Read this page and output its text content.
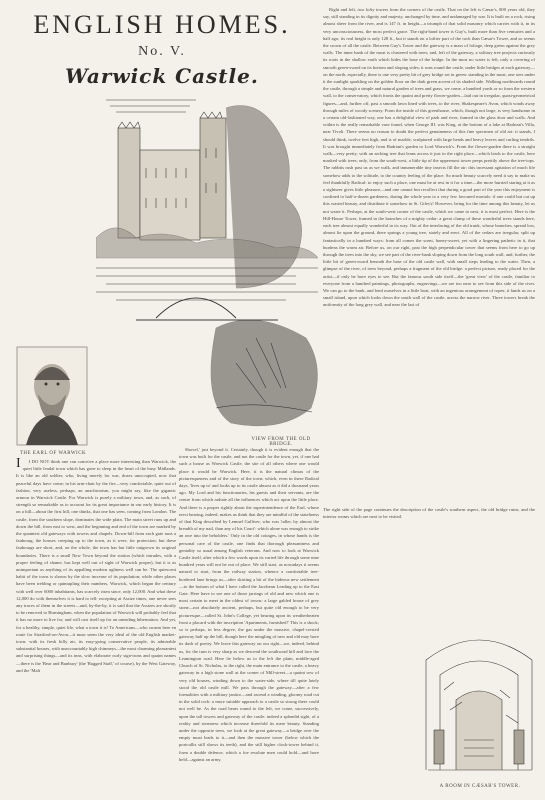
ENGLISH HOMES.
No. V.
Warwick Castle.

Right and left, two lofty towers form the corners of the castle. That on the left is Cæsar's, 800 years old, they say, still standing in its dignity and majesty, unchanged by time, and undamaged by war. It is built on a rock, rising almost sheer from the river, and is 147 ft. in height—a triumph of that solid masonry which carries with it, in its very unconsciousness, the most perfect grace. The right-hand tower is Guy's, built more than five centuries and a half ago; its real height is only 128 ft., but it stands on a loftier part of the rock than Cæsar's Tower, and so seems the crown of all the castle. Between Guy's Tower and the gateway is a mass of foliage, deep green against the grey walls. The inner bank of the moat is clustered with trees; and, left of the gateway, a solitary tree projects curiously its roots in the shallow earth which hides the base of the bridge. In the most no water is left, only a covering of smooth green-sward on its bottom and sloping sides; it runs round the castle, under little bridges at each gateway—on the north, especially, there is one very pretty bit of grey bridge set in green: standing in the moat, one sees under it the sunlight sparkling on the golden floor on the dark green accent of its shaded side. Walking northwards round the castle, through a simple and natural garden of trees and grass, we come, a hundred yards or so from the western wall, to the conservatory, which fronts the quaint and pretty flower-garden—laid out in irregular, quasi-geometrical figures—and, further off, past a smooth lawn lined with trees, to the river, Shakespeare's Avon, which winds away through miles of woody scenery. From the inside of this greenhouse, which, though not large, is very handsome in a certain old-fashioned way, one has a delightful view of park and river, framed in the glass door and walls. And within is the really remarkable vase found, when George III. was King, at the bottom of a lake at Hadrian's Villa, near Tivoli. There seems no reason to doubt the perfect genuineness of this fine specimen of old art: it stands, I should think, twelve feet high, and is of marble, sculptured with large heads and heavy leaves and curling tendrils. It was brought immediately from Hadrian's garden to Lord Warwick's. From the flower-garden there is a straight walk—very pretty, with an arching tree that leans across it just in the right place—which leads to the castle, here masked with trees; only, from the south-west, a little tip of the uppermost tower peeps prettily above the tree-tops. The rabbits rush past us as we walk, and innumerable tiny insects fill the air: this incessant agitation of much life somehow adds to the solitude, to the country feeling of the place. So much beauty scarcely need it say to make us feel thankfully Radical: to enjoy such a place, one must be at rest in it for a time—the more hurried staring at it as a sightseer gives little pleasure—and one cannot but recollect that during a good part of the year this enjoyment is confined to half-a-dozen gardeners, during the whole year to a very few favoured mortals: if one could but cut up this wasted beauty, and distribute it somehow in St. Giles's! However, being for the time among this beauty, let us not waste it. Perhaps, at the south-west corner of the castle, which we came to next, it is most perfect. Here is the Hill-House Tower, framed in the branches of a mighty cedar: a great clump of these wonderful trees stands here, each tree almost equally wonderful in its way. Out of the interlacing of the old trunk, whose branches, spread low, almost lie upon the ground, there springs a young tree, stately and erect. All of the cedars are irregular, split up fantastically in a hundred ways: from all comes the scent, honey-sweet, yet with a lingering pathetic in it, that burdens the warm air. Before us, on our right, past the high perpendicular tower that seems from here to go up through the trees into the sky, we see part of the river-bank sloping down from the long south wall, and, further, the little bit of green-sward beneath the base of the old castle wall, with small steps leading to the water. Then, a glimpse of the river, of trees beyond, perhaps a fragment of the old bridge: a perfect picture, ready placed for the artist—if only he have eyes to see. But the famous south side itself—the 'great view' of the castle, familiar to everyone from a hundred paintings, photographs, engravings—we are too near to see from this side of the river. We can go to the bank, and lend ourselves in a little boat, with an ingenious arrangement of ropes; it lands us on a small island, upon which looks down the south wall of the castle, across the narrow river. Three towers break the uniformity of the long grey wall, and near the last of

VIEW FROM THE OLD BRIDGE.
THE EARL OF WARWICK

Shovel,' just beyond it. Certainly, though it is evident enough that the town was built for the castle, and not the castle for the town, yet, if one had such a house as Warwick Castle, the site of all others where one would place it would be Warwick. Here, it is the natural climax of the picturesqueness and of the story of the town; which, even in these Radical days, 'lives up to' and looks up to its castle almost as it did a thousand years ago. My Lord and his functionaries, his guests and their servants, are the centre from which radiate all the influences which act upon the little place. And there is a proper rightly about the superintendence of the Earl, whose erect bearing, indeed, makes us think that they are mindful of the stateliness of that King described by Lemuel Gulliver, who was 'taller, by almost the breadth of my nail, than any of his Court': which alone was enough to strike an awe into the beholders.' Only in the old cottages, in whose hands is the personal care of the castle, one finds that thorough pleasantness and geniality so usual among English veterans. And now to look at Warwick Castle itself, after which a few words upon its varied life through some nine hundred years will not be out of place. We still start, as nowadays it seems natural to start, from the railway station, whence a comfortable tree-bordered lane brings us—after skirting a bit of the hideous new settlement—to the bottom of what I have called the Jacobean Leading up to the East Gate. Here have to see one of those jarrings of old and new which one is most certain to meet in the oldest of towns: a large gabled house of grey stone—not absolutely ancient, perhaps, but quite old enough to be very picturesque—called St. John's College, yet bearing upon its weatherbeaten front a placard with the inscription 'Apartments, furnished!' This is a shock; so is perhaps, in less degree, the gas under the massive, chapel-crested gateway half up the hill, though here the mingling of new and old may have its dash of poetry. We leave this gateway on our right—we, indeed, behind us, for the turn is very sharp as we descend the southward hill and face the Leamington road. Here lie below us to the left the plain, middle-aged Church of St. Nicholas, to the right, the main entrance to the castle, a heavy gateway in a high stone wall at the corner of Mill-street—a quaint row of very old houses, winding down to the water-side, where till quite lately stood the old castle mill. We pass through the gateway—after a few formalities with a military janitor—and ascend a winding, gloomy road cut in the solid rock: a more suitable approach to a castle so strong there could not well be. As the road bears round to the left, we come, successively, upon the tall towers and gateway of the castle: indeed a splendid sight, of a reality and sternness which increase threefold its mere beauty. Standing under the opposite trees, we look at the great gateway—a bridge over the empty moat leads to it—and then the massive tower (below which the portcullis still shows its teeth), and the still higher clock-tower behind it, form a double defence, which a foe resolute men could hold—and have held—against an army.

I	I DO NOT think one can conceive a place more interesting than Warwick, the quiet little feudal town which has gone to sleep in the heart of the busy Midlands. It is like an old soldier, who, living merely for war, dozes unoccupied, now that peaceful days have come; in his arm-chair by the fire—very comfortable, quite out of fashion, very useless, perhaps; an anachronism, you might say, like the gigantic armour in Warwick Castle. For Warwick is purely a military town, and, as such, of strength so remarkable as to account for its great importance in our early history. It is on a hill—about the first hill, one thinks, that one has seen, coming from London. The castle, from the southern slope, dominates the wide plain. The main street runs up and down the hill, from east to west, and the beginning and end of the town are marked by the quaintest old gateways with towers and chapels. Down-hill from each gate runs a faubourg, the houses creeping up to the town, as it were, for protection; but these faubourgs are short, and, on the whole, the town has but little outgrown its original boundaries. There is a small New Town beyond the station (which intrudes, with a proper feeling of shame, has kept well out of sight of Warwick proper), but it is as unimportant as anything of its appalling modern ugliness well can be. The quiescent habit of the town is shown by the slow increase of its population; while other places have been trebling or quintupling their numbers, Warwick, which began the century with well over 6000 inhabitants, has scarcely risen since, only 12,000. And what these 12,000 do with themselves it is hard to tell: excepting at Assize times, one never sees any traces of them in the streets—and, by-the-by, it is said that the Assizes are shortly to be removed to Birmingham, when the population of Warwick will probably feel that it has no more to live for, and will cast itself up for an unending hibernation. And yet, for a healthy, simple, quiet life, what a town it is! To Americans—who swarm here en route for Stratford-on-Avon—it must seem the very ideal of the old English market-town: with its fresh hilly air, its easy-going conservative people, its admirable substantial houses, with unaccountably high chimneys—the most charming pleasantest and surprising things—and its inns, with elaborate curly sign-irons and quaint names—there is the 'Bear and Bunbury' (the 'Ragged Staff,' of course), by the West Gateway, and the 'Malt

The right side of the page continues the description of the castle's southern aspect, the old bridge ruins, and the interior rooms which are next to be visited.

A ROOM IN CÆSAR'S TOWER.
